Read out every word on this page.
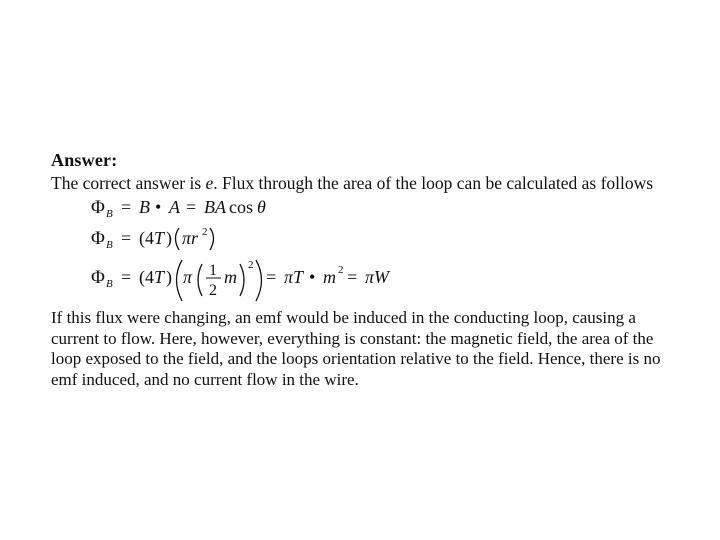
Answer:
The correct answer is e. Flux through the area of the loop can be calculated as follows
Φ B = B • A = BA cos θ
Φ B = (4 T ) πr 2
Φ B = (4 T ) π 1
2
m
2
= πT • m 2 = πW
If this flux were changing, an emf would be induced in the conducting loop, causing a
current to flow. Here, however, everything is constant: the magnetic field, the area of the
loop exposed to the field, and the loops orientation relative to the field. Hence, there is no
emf induced, and no current flow in the wire.
